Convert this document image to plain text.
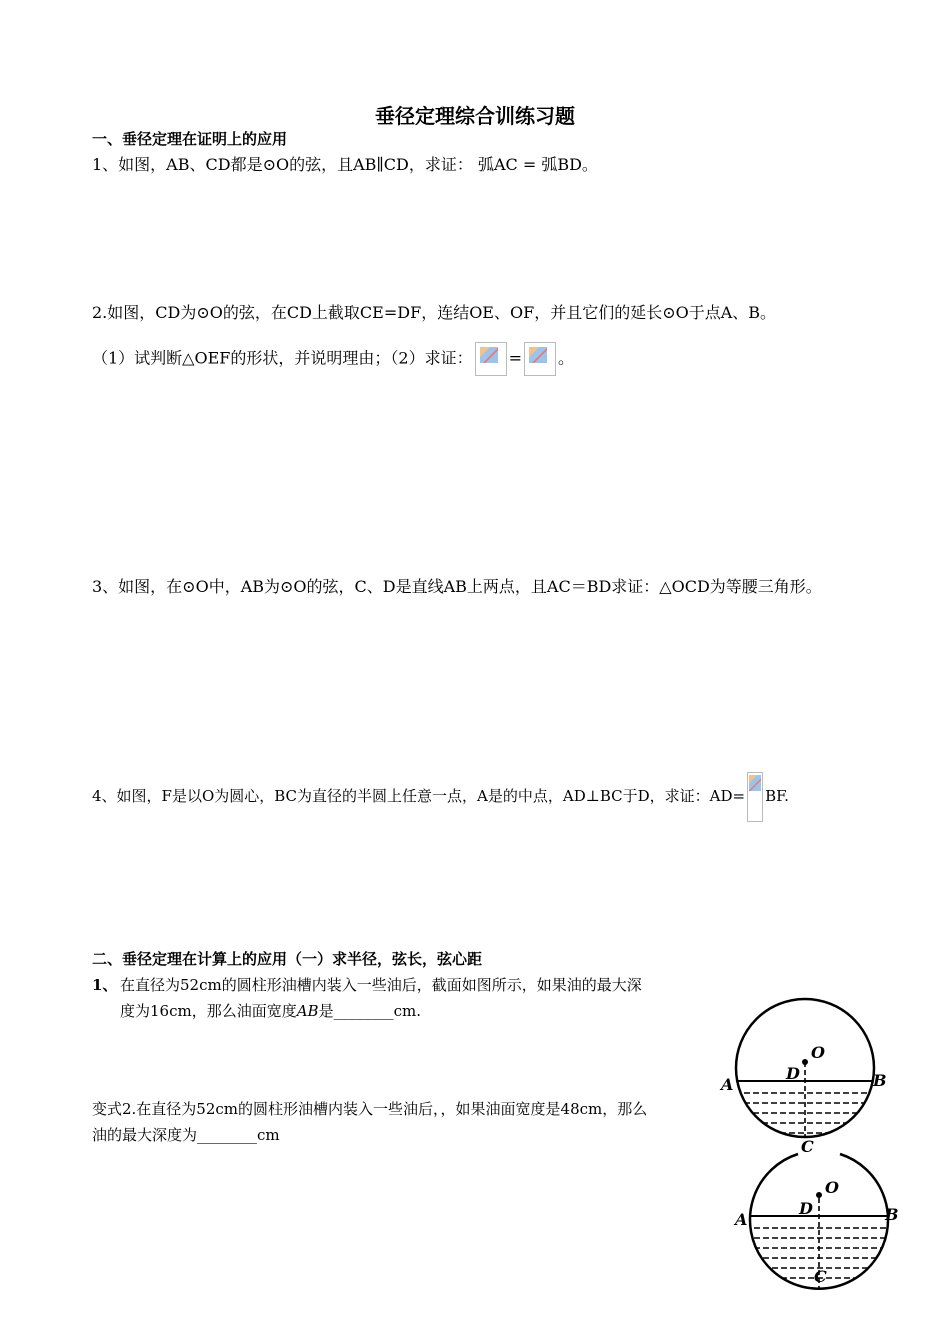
垂径定理综合训练习题
一、垂径定理在证明上的应用
1、如图，AB、CD都是⊙O的弦，且AB∥CD，求证： 弧AC = 弧BD。
2.如图，CD为⊙O的弦，在CD上截取CE=DF，连结OE、OF，并且它们的延长⊙O于点A、B。
（1）试判断△OEF的形状，并说明理由；（2）求证： = 。
3、如图，在⊙O中，AB为⊙O的弦，C、D是直线AB上两点，且AC＝BD求证：△OCD为等腰三角形。
4、如图，F是以O为圆心，BC为直径的半圆上任意一点，A是的中点，AD⊥BC于D，求证：AD= BF.
二、垂径定理在计算上的应用（一）求半径，弦长，弦心距
1、 在直径为52cm的圆柱形油槽内装入一些油后，截面如图所示，如果油的最大深
度为16cm，那么油面宽度AB是________cm.
变式2.在直径为52cm的圆柱形油槽内装入一些油后，，如果油面宽度是48cm，那么
油的最大深度为________cm
O
D
A	B
C
O
D
A	B
C
